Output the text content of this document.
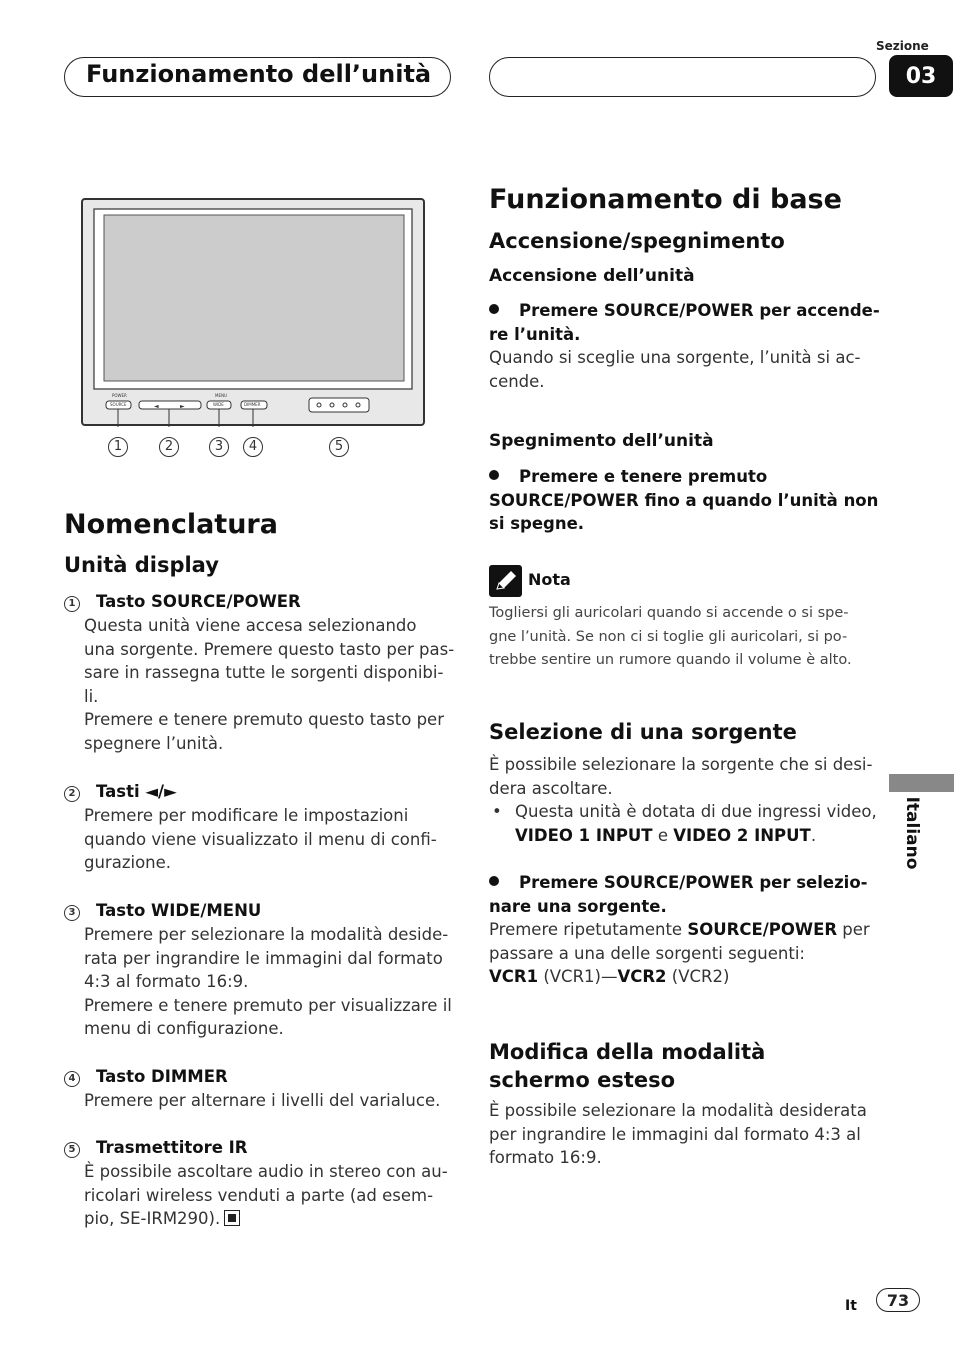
Funzionamento dell’unità
Sezione
03
◄	►
POWER
SOURCE
MENU
WIDE	DIMMER
1	2	3	4	5
Nomenclatura
Unità display
1 Tasto SOURCE/POWER
Questa unità viene accesa selezionando
una sorgente. Premere questo tasto per pas-
sare in rassegna tutte le sorgenti disponibi-
li.
Premere e tenere premuto questo tasto per
spegnere l’unità.
2 Tasti ◄/►
Premere per modificare le impostazioni
quando viene visualizzato il menu di confi-
gurazione.
3 Tasto WIDE/MENU
Premere per selezionare la modalità deside-
rata per ingrandire le immagini dal formato
4:3 al formato 16:9.
Premere e tenere premuto per visualizzare il
menu di configurazione.
4 Tasto DIMMER
Premere per alternare i livelli del varialuce.
5 Trasmettitore IR
È possibile ascoltare audio in stereo con au-
ricolari wireless venduti a parte (ad esem-
pio, SE-IRM290).
Funzionamento di base
Accensione/spegnimento
Accensione dell’unità
Premere SOURCE/POWER per accende-
re l’unità.
Quando si sceglie una sorgente, l’unità si ac-
cende.
Spegnimento dell’unità
Premere e tenere premuto
SOURCE/POWER fino a quando l’unità non
si spegne.
Nota
Togliersi gli auricolari quando si accende o si spe-
gne l’unità. Se non ci si toglie gli auricolari, si po-
trebbe sentire un rumore quando il volume è alto.
Selezione di una sorgente
È possibile selezionare la sorgente che si desi-
dera ascoltare.
• Questa unità è dotata di due ingressi video,
VIDEO 1 INPUT e VIDEO 2 INPUT.
Premere SOURCE/POWER per selezio-
nare una sorgente.
Premere ripetutamente SOURCE/POWER per
passare a una delle sorgenti seguenti:
VCR1 (VCR1)—VCR2 (VCR2)
Modifica della modalità
schermo esteso
È possibile selezionare la modalità desiderata
per ingrandire le immagini dal formato 4:3 al
formato 16:9.
Italiano
It 73
